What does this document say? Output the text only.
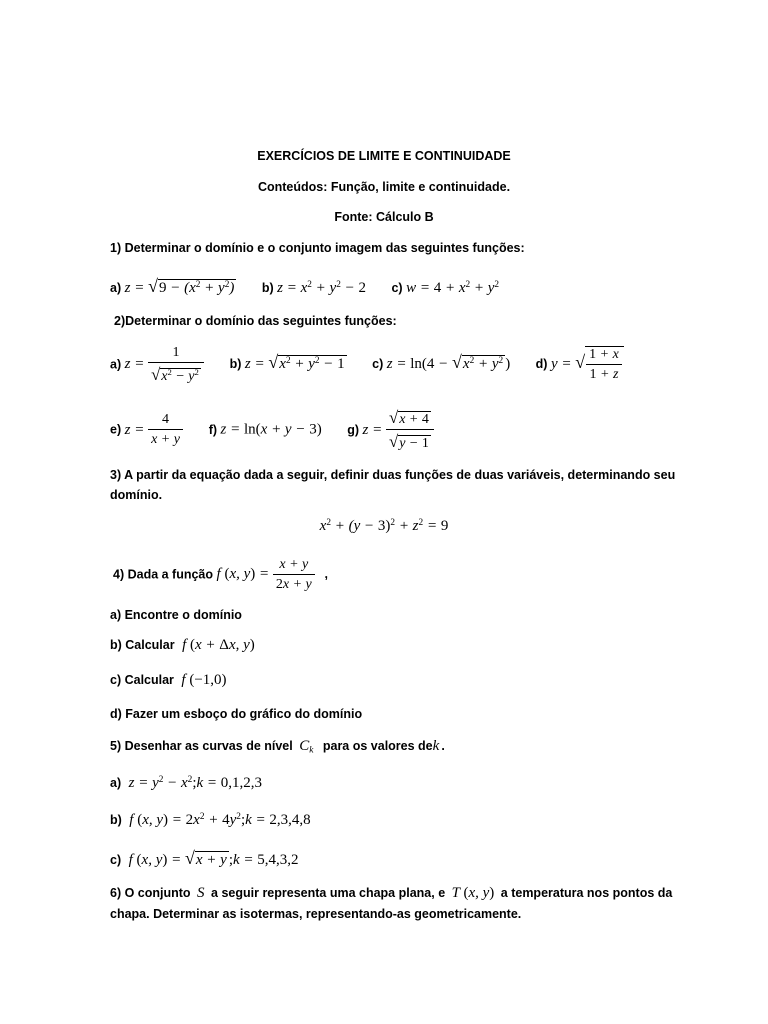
EXERCÍCIOS DE LIMITE E CONTINUIDADE
Conteúdos: Função, limite e continuidade.
Fonte: Cálculo B
1) Determinar o domínio e o conjunto imagem das seguintes funções:
a) $z = √9 - (x^2 + y^2)$ b) $z = x^2 + y^2 - 2$ c) $w = 4 + x^2 + y^2$
2)Determinar o domínio das seguintes funções:
a) $z = \frac{1}{√x^2 - y^2} b$) $z = √x^2 + y^2 - 1$ c) $z = \ln(4 - √x^2 + y^2$ ) d) y = √ $\frac{1 + x}{1 + z}$
e) $z = \frac{4}{x + y} f$) z = ln(x + y − 3) g) $z = \frac{√x + 4}{√y - 1}$
3) A partir da equação dada a seguir, definir duas funções de duas variáveis, determinando seu
domínio.
$x^2 + (y - 3)^2 + z^2 = 9$
4) Dada a função f (x, $y) = \frac{x + y}{2x + y}$ ,
a) Encontre o domínio
b) Calcular f (x + Δx, y)
c) Calcular f (−1,0)
d) Fazer um esboço do gráfico do domínio
5) Desenhar as curvas de nível $C_k$ para os valores dek .
a) $z = y^2$ − $x^2;k = 0,1,2,3$
b) f (x, $y) = 2x^2$ + $4y^2;k = 2,3,4,8$
c) f (x, y) = √x + y ;k = 5,4,3,2
6) O conjunto S a seguir representa uma chapa plana, e T (x, y) a temperatura nos pontos da
chapa. Determinar as isotermas, representando-as geometricamente.
